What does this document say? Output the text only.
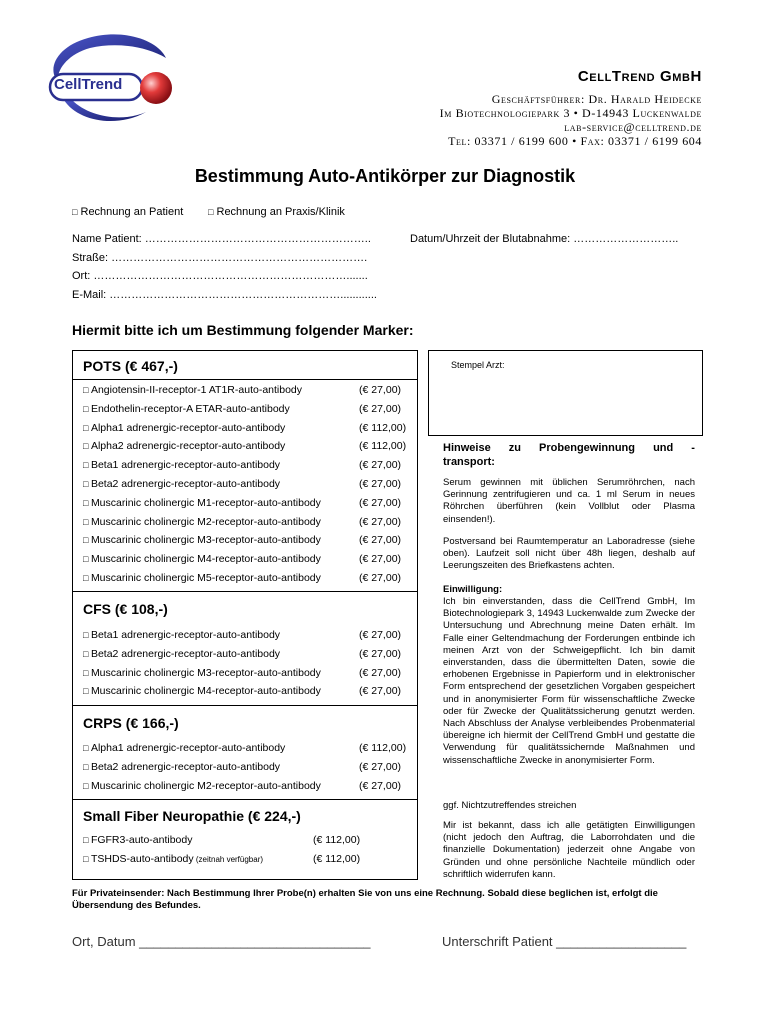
CellTrend	CellTrend GmbH
Geschäftsführer: Dr. Harald Heidecke
Im Biotechnologiepark 3 • D-14943 Luckenwalde
lab-service@celltrend.de
Tel: 03371 / 6199 600 • Fax: 03371 / 6199 604
Bestimmung Auto-Antikörper zur Diagnostik
□ Rechnung an Patient	□ Rechnung an Praxis/Klinik
Name Patient: ……………………………………………………..	Datum/Uhrzeit der Blutabnahme: ………………………..
Straße: …………………………………………………………….
Ort: …………………………………………………………….......
E-Mail: ………………………………………………………............
Hiermit bitte ich um Bestimmung folgender Marker:
POTS (€ 467,-)
□ Angiotensin-II-receptor-1 AT1R-auto-antibody	(€ 27,00)
□ Endothelin-receptor-A ETAR-auto-antibody	(€ 27,00)
□ Alpha1 adrenergic-receptor-auto-antibody	(€ 112,00)
□ Alpha2 adrenergic-receptor-auto-antibody	(€ 112,00)
□ Beta1 adrenergic-receptor-auto-antibody	(€ 27,00)
□ Beta2 adrenergic-receptor-auto-antibody	(€ 27,00)
□ Muscarinic cholinergic M1-receptor-auto-antibody	(€ 27,00)
□ Muscarinic cholinergic M2-receptor-auto-antibody	(€ 27,00)
□ Muscarinic cholinergic M3-receptor-auto-antibody	(€ 27,00)
□ Muscarinic cholinergic M4-receptor-auto-antibody	(€ 27,00)
□ Muscarinic cholinergic M5-receptor-auto-antibody	(€ 27,00)
CFS (€ 108,-)
□ Beta1 adrenergic-receptor-auto-antibody	(€ 27,00)
□ Beta2 adrenergic-receptor-auto-antibody	(€ 27,00)
□ Muscarinic cholinergic M3-receptor-auto-antibody	(€ 27,00)
□ Muscarinic cholinergic M4-receptor-auto-antibody	(€ 27,00)
CRPS (€ 166,-)
□ Alpha1 adrenergic-receptor-auto-antibody	(€ 112,00)
□ Beta2 adrenergic-receptor-auto-antibody	(€ 27,00)
□ Muscarinic cholinergic M2-receptor-auto-antibody	(€ 27,00)
Small Fiber Neuropathie (€ 224,-)
□ FGFR3-auto-antibody	(€ 112,00)
□ TSHDS-auto-antibody (zeitnah verfügbar)	(€ 112,00)
Stempel Arzt:
Hinweise zu Probengewinnung und -
transport:
Serum gewinnen mit üblichen Serumröhrchen, nach Gerinnung zentrifugieren und ca. 1 ml Serum in neues Röhrchen überführen (kein Vollblut oder Plasma einsenden!).
Postversand bei Raumtemperatur an Laboradresse (siehe oben). Laufzeit soll nicht über 48h liegen, deshalb auf Leerungszeiten des Briefkastens achten.
Einwilligung:
Ich bin einverstanden, dass die CellTrend GmbH, Im Biotechnologiepark 3, 14943 Luckenwalde zum Zwecke der Untersuchung und Abrechnung meine Daten erhält. Im Falle einer Geltendmachung der Forderungen entbinde ich meinen Arzt von der Schweigepflicht. Ich bin damit einverstanden, dass die übermittelten Daten, sowie die erhobenen Ergebnisse in Papierform und in elektronischer Form entsprechend der gesetzlichen Vorgaben gespeichert und in anonymisierter Form für wissenschaftliche Zwecke oder für Zwecke der Qualitätssicherung genutzt werden. Nach Abschluss der Analyse verbleibendes Probenmaterial übereigne ich hiermit der CellTrend GmbH und gestatte die Verwendung für qualitätssichernde Maßnahmen und wissenschaftliche Zwecke in anonymisierter Form.
ggf. Nichtzutreffendes streichen
Mir ist bekannt, dass ich alle getätigten Einwilligungen (nicht jedoch den Auftrag, die Laborrohdaten und die finanzielle Dokumentation) jederzeit ohne Angabe von Gründen und ohne persönliche Nachteile mündlich oder schriftlich widerrufen kann.
Für Privateinsender: Nach Bestimmung Ihrer Probe(n) erhalten Sie von uns eine Rechnung. Sobald diese beglichen ist, erfolgt die Übersendung des Befundes.
Ort, Datum ________________________________	Unterschrift Patient __________________
